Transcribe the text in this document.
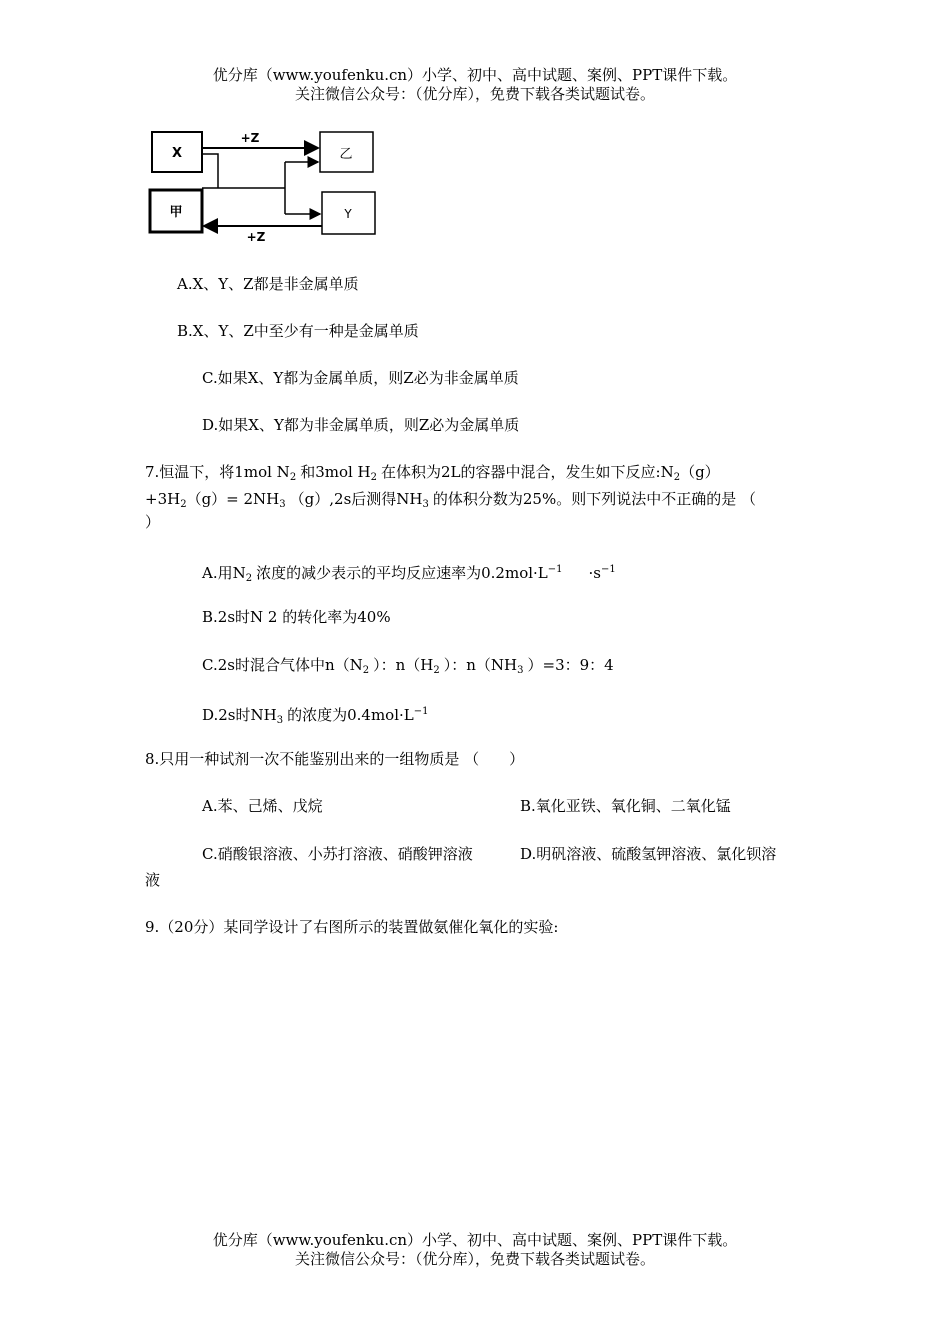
优分库（www.youfenku.cn）小学、初中、高中试题、案例、PPT课件下载。
关注微信公众号：（优分库），免费下载各类试题试卷。
X
甲
乙
Y
+Z
+Z
A.X、Y、Z都是非金属单质
B.X、Y、Z中至少有一种是金属单质
C.如果X、Y都为金属单质，则Z必为非金属单质
D.如果X、Y都为非金属单质，则Z必为金属单质
7.恒温下，将1mol $N_2$ 和3mol $H_2$ 在体积为2L的容器中混合，发生如下反应$:N_2(g)$
$+3H_2(g)= 2NH_3$ （g）,2s后测得$NH_3$ 的体积分数为25%。则下列说法中不正确的是 （
）
A.用$N_2$ 浓度的减少表示的平均反应速率为$0.2mol\cdot L^{-1} \cdot s^{-1}$
B.2s时N 2 的转化率为40%
C.2s时混合气体中$n(N_2$ ）：$n(H_2$ ）：$n(NH_3$ ）=3：9：4
D.2s时$NH_3$ 的浓度为$0.4mol\cdot L^{-1}$
8.只用一种试剂一次不能鉴别出来的一组物质是 （　　）
A.苯、己烯、戊烷	B.氧化亚铁、氧化铜、二氧化锰
C.硝酸银溶液、小苏打溶液、硝酸钾溶液	D.明矾溶液、硫酸氢钾溶液、氯化钡溶
液
9.（20分）某同学设计了右图所示的装置做氨催化氧化的实验:
优分库（www.youfenku.cn）小学、初中、高中试题、案例、PPT课件下载。
关注微信公众号：（优分库），免费下载各类试题试卷。
